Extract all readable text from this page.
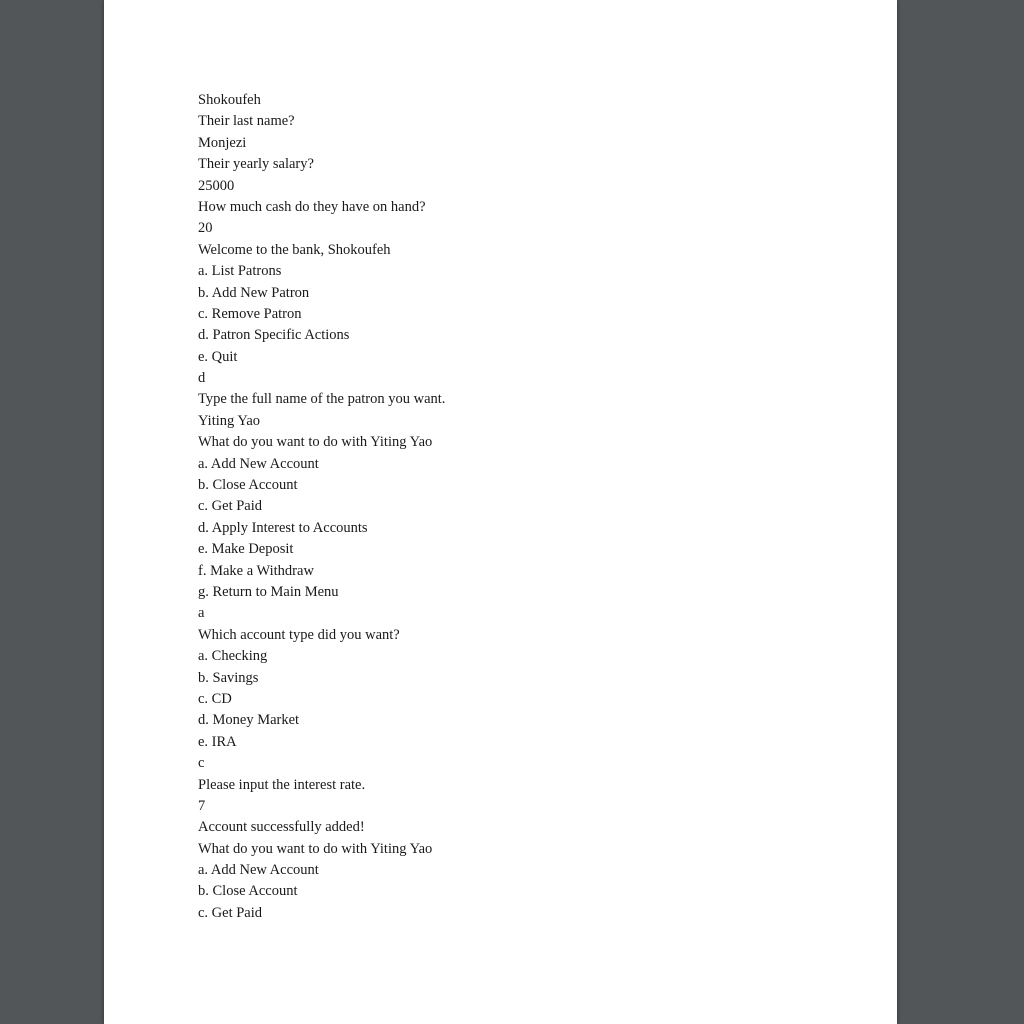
Shokoufeh
Their last name?
Monjezi
Their yearly salary?
25000
How much cash do they have on hand?
20
Welcome to the bank, Shokoufeh
a. List Patrons
b. Add New Patron
c. Remove Patron
d. Patron Specific Actions
e. Quit
d
Type the full name of the patron you want.
Yiting Yao
What do you want to do with Yiting Yao
a. Add New Account
b. Close Account
c. Get Paid
d. Apply Interest to Accounts
e. Make Deposit
f. Make a Withdraw
g. Return to Main Menu
a
Which account type did you want?
a. Checking
b. Savings
c. CD
d. Money Market
e. IRA
c
Please input the interest rate.
7
Account successfully added!
What do you want to do with Yiting Yao
a. Add New Account
b. Close Account
c. Get Paid
